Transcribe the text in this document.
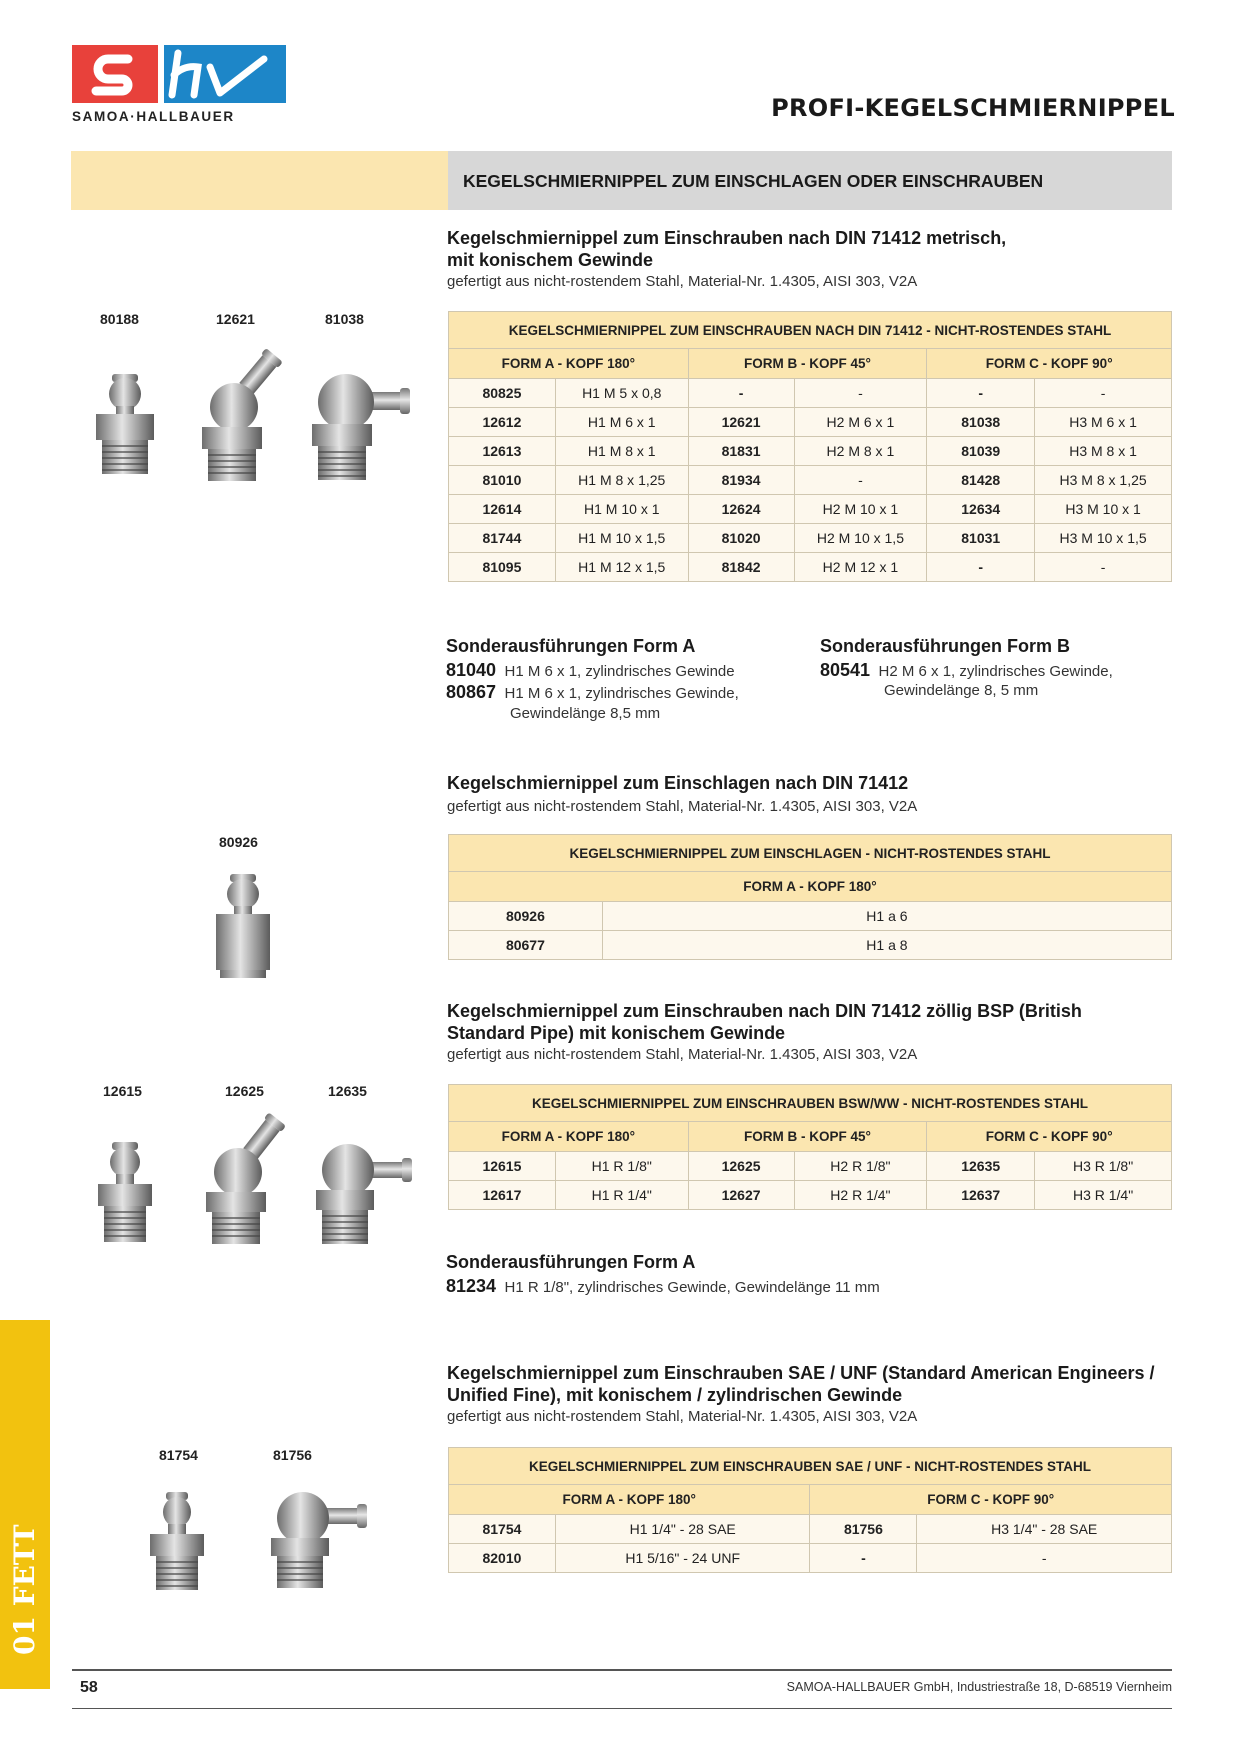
SAMOA·HALLBAUER	PROFI-KEGELSCHMIERNIPPEL
KEGELSCHMIERNIPPEL ZUM EINSCHLAGEN ODER EINSCHRAUBEN
Kegelschmiernippel zum Einschrauben nach DIN 71412 metrisch,
mit konischem Gewinde
gefertigt aus nicht-rostendem Stahl, Material-Nr. 1.4305, AISI 303, V2A
80188	12621	81038
KEGELSCHMIERNIPPEL ZUM EINSCHRAUBEN NACH DIN 71412 - NICHT-ROSTENDES STAHL					
FORM A - KOPF 180°		FORM B - KOPF 45°		FORM C - KOPF 90°	
80825	H1 M 5 x 0,8	-	-	-	-
12612	H1 M 6 x 1	12621	H2 M 6 x 1	81038	H3 M 6 x 1
12613	H1 M 8 x 1	81831	H2 M 8 x 1	81039	H3 M 8 x 1
81010	H1 M 8 x 1,25	81934	-	81428	H3 M 8 x 1,25
12614	H1 M 10 x 1	12624	H2 M 10 x 1	12634	H3 M 10 x 1
81744	H1 M 10 x 1,5	81020	H2 M 10 x 1,5	81031	H3 M 10 x 1,5
81095	H1 M 12 x 1,5	81842	H2 M 12 x 1	-	-
Sonderausführungen Form A
81040 H1 M 6 x 1, zylindrisches Gewinde
80867 H1 M 6 x 1, zylindrisches Gewinde,
Gewindelänge 8,5 mm
Sonderausführungen Form B
80541 H2 M 6 x 1, zylindrisches Gewinde,
Gewindelänge 8, 5 mm
Kegelschmiernippel zum Einschlagen nach DIN 71412
gefertigt aus nicht-rostendem Stahl, Material-Nr. 1.4305, AISI 303, V2A
80926
KEGELSCHMIERNIPPEL ZUM EINSCHLAGEN - NICHT-ROSTENDES STAHL	
FORM A - KOPF 180°	
80926	H1 a 6
80677	H1 a 8
Kegelschmiernippel zum Einschrauben nach DIN 71412 zöllig BSP (British
Standard Pipe) mit konischem Gewinde
gefertigt aus nicht-rostendem Stahl, Material-Nr. 1.4305, AISI 303, V2A
12615	12625	12635
KEGELSCHMIERNIPPEL ZUM EINSCHRAUBEN BSW/WW - NICHT-ROSTENDES STAHL					
FORM A - KOPF 180°		FORM B - KOPF 45°		FORM C - KOPF 90°	
12615	H1 R 1/8"	12625	H2 R 1/8"	12635	H3 R 1/8"
12617	H1 R 1/4"	12627	H2 R 1/4"	12637	H3 R 1/4"
Sonderausführungen Form A
81234 H1 R 1/8", zylindrisches Gewinde, Gewindelänge 11 mm
Kegelschmiernippel zum Einschrauben SAE / UNF (Standard American Engineers /
Unified Fine), mit konischem / zylindrischen Gewinde
gefertigt aus nicht-rostendem Stahl, Material-Nr. 1.4305, AISI 303, V2A
81754	81756
KEGELSCHMIERNIPPEL ZUM EINSCHRAUBEN SAE / UNF - NICHT-ROSTENDES STAHL			
FORM A - KOPF 180°		FORM C - KOPF 90°	
81754	H1 1/4" - 28 SAE	81756	H3 1/4" - 28 SAE
82010	H1 5/16" - 24 UNF	-	-
01 FETT
58	SAMOA-HALLBAUER GmbH, Industriestraße 18, D-68519 Viernheim
